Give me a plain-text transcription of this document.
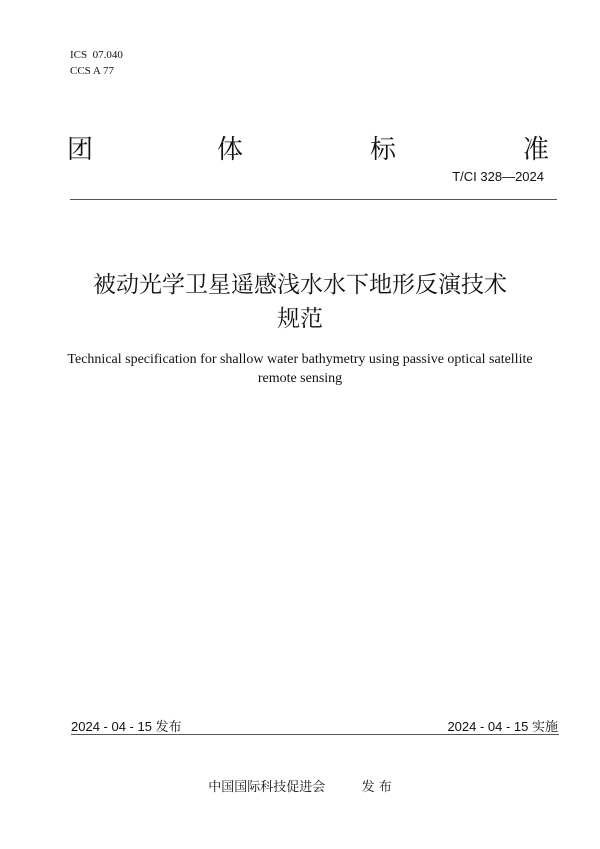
ICS  07.040
CCS A 77
团	体	标	准
T/CI 328—2024
被动光学卫星遥感浅水水下地形反演技术
规范
Technical specification for shallow water bathymetry using passive optical satellite
remote sensing
2024 - 04 - 15 发布	2024 - 04 - 15 实施
中国国际科技促进会	发 布
